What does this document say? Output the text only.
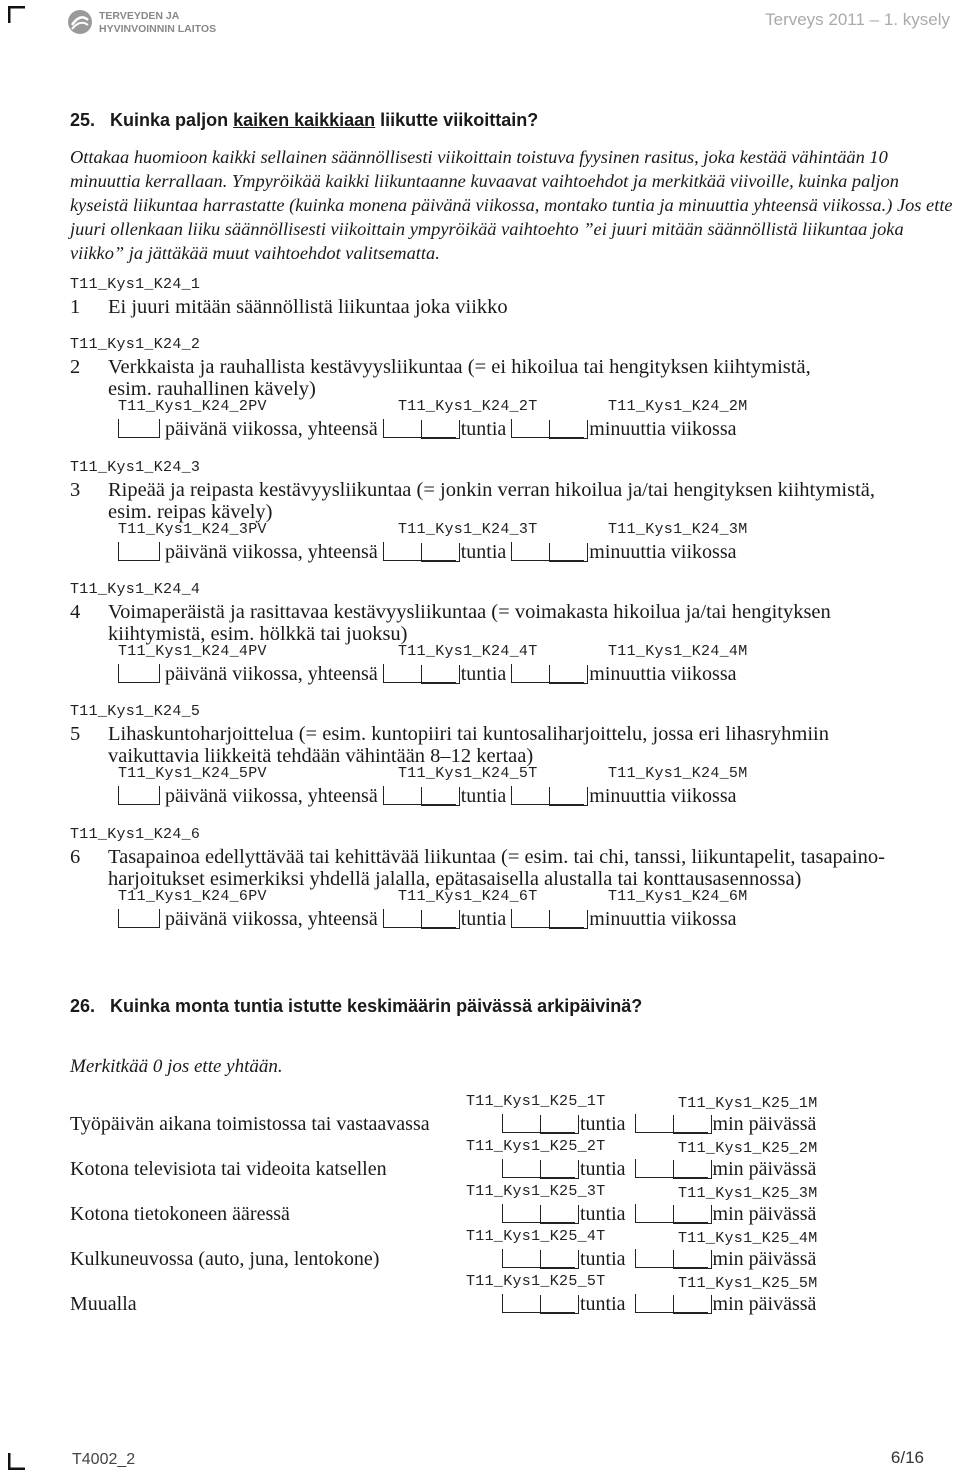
TERVEYDEN JA
HYVINVOINNIN LAITOS	Terveys 2011 – 1. kysely
25. Kuinka paljon kaiken kaikkiaan liikutte viikoittain?
Ottakaa huomioon kaikki sellainen säännöllisesti viikoittain toistuva fyysinen rasitus, joka kestää vähintään 10 minuuttia kerrallaan. Ympyröikää kaikki liikuntaanne kuvaavat vaihtoehdot ja merkitkää viivoille, kuinka paljon kyseistä liikuntaa harrastatte (kuinka monena päivänä viikossa, montako tuntia ja minuuttia yhteensä viikossa.) Jos ette juuri ollenkaan liiku säännöllisesti viikoittain ympyröikää vaihtoehto ”ei juuri mitään säännöllistä liikuntaa joka viikko” ja jättäkää muut vaihtoehdot valitsematta.
T11_Kys1_K24_1
1 Ei juuri mitään säännöllistä liikuntaa joka viikko
T11_Kys1_K24_2
2 Verkkaista ja rauhallista kestävyysliikuntaa (= ei hikoilua tai hengityksen kiihtymistä,
esim. rauhallinen kävely)
T11_Kys1_K24_2PV	T11_Kys1_K24_2T	T11_Kys1_K24_2M
päivänä viikossa, yhteensä	tuntia	minuuttia viikossa
T11_Kys1_K24_3
3 Ripeää ja reipasta kestävyysliikuntaa (= jonkin verran hikoilua ja/tai hengityksen kiihtymistä,
esim. reipas kävely)
T11_Kys1_K24_3PV	T11_Kys1_K24_3T	T11_Kys1_K24_3M
päivänä viikossa, yhteensä	tuntia	minuuttia viikossa
T11_Kys1_K24_4
4 Voimaperäistä ja rasittavaa kestävyysliikuntaa (= voimakasta hikoilua ja/tai hengityksen
kiihtymistä, esim. hölkkä tai juoksu)
T11_Kys1_K24_4PV	T11_Kys1_K24_4T	T11_Kys1_K24_4M
päivänä viikossa, yhteensä	tuntia	minuuttia viikossa
T11_Kys1_K24_5
5 Lihaskuntoharjoittelua (= esim. kuntopiiri tai kuntosaliharjoittelu, jossa eri lihasryhmiin
vaikuttavia liikkeitä tehdään vähintään 8–12 kertaa)
T11_Kys1_K24_5PV	T11_Kys1_K24_5T	T11_Kys1_K24_5M
päivänä viikossa, yhteensä	tuntia	minuuttia viikossa
T11_Kys1_K24_6
6 Tasapainoa edellyttävää tai kehittävää liikuntaa (= esim. tai chi, tanssi, liikuntapelit, tasapaino-
harjoitukset esimerkiksi yhdellä jalalla, epätasaisella alustalla tai konttausasennossa)
T11_Kys1_K24_6PV	T11_Kys1_K24_6T	T11_Kys1_K24_6M
päivänä viikossa, yhteensä	tuntia	minuuttia viikossa
26. Kuinka monta tuntia istutte keskimäärin päivässä arkipäivinä?
Merkitkää 0 jos ette yhtään.
T11_Kys1_K25_1T	T11_Kys1_K25_1M
Työpäivän aikana toimistossa tai vastaavassa	tuntia	min päivässä
T11_Kys1_K25_2T	T11_Kys1_K25_2M
Kotona televisiota tai videoita katsellen	tuntia	min päivässä
T11_Kys1_K25_3T	T11_Kys1_K25_3M
Kotona tietokoneen ääressä	tuntia	min päivässä
T11_Kys1_K25_4T	T11_Kys1_K25_4M
Kulkuneuvossa (auto, juna, lentokone)	tuntia	min päivässä
T11_Kys1_K25_5T	T11_Kys1_K25_5M
Muualla	tuntia	min päivässä
T4002_2	6/16
